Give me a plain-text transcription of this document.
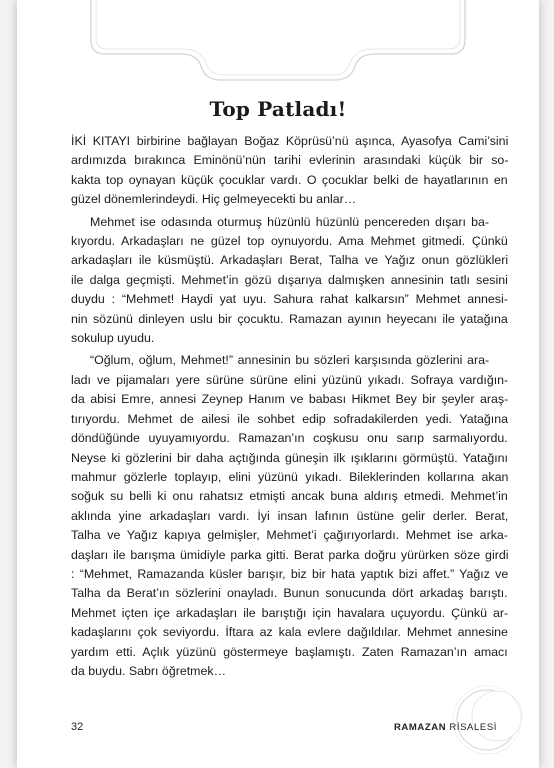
Top Patladı!

İKİ KITAYI birbirine bağlayan Boğaz Köprüsü’nü aşınca, Ayasofya Cami’sini
ardımızda bırakınca Eminönü’nün tarihi evlerinin arasındaki küçük bir so-
kakta top oynayan küçük çocuklar vardı. O çocuklar belki de hayatlarının en
güzel dönemlerindeydi. Hiç gelmeyecekti bu anlar…

Mehmet ise odasında oturmuş hüzünlü hüzünlü pencereden dışarı ba-
kıyordu. Arkadaşları ne güzel top oynuyordu. Ama Mehmet gitmedi. Çünkü
arkadaşları ile küsmüştü. Arkadaşları Berat, Talha ve Yağız onun gözlükleri
ile dalga geçmişti. Mehmet’in gözü dışarıya dalmışken annesinin tatlı sesini
duydu : “Mehmet! Haydi yat uyu. Sahura rahat kalkarsın” Mehmet annesi-
nin sözünü dinleyen uslu bir çocuktu. Ramazan ayının heyecanı ile yatağına
sokulup uyudu.

“Oğlum, oğlum, Mehmet!” annesinin bu sözleri karşısında gözlerini ara-
ladı ve pijamaları yere sürüne sürüne elini yüzünü yıkadı. Sofraya vardığın-
da abisi Emre, annesi Zeynep Hanım ve babası Hikmet Bey bir şeyler araş-
tırıyordu. Mehmet de ailesi ile sohbet edip sofradakilerden yedi. Yatağına
döndüğünde uyuyamıyordu. Ramazan’ın coşkusu onu sarıp sarmalıyordu.
Neyse ki gözlerini bir daha açtığında güneşin ilk ışıklarını görmüştü. Yatağını
mahmur gözlerle toplayıp, elini yüzünü yıkadı. Bileklerinden kollarına akan
soğuk su belli ki onu rahatsız etmişti ancak buna aldırış etmedi. Mehmet’in
aklında yine arkadaşları vardı. İyi insan lafının üstüne gelir derler. Berat,
Talha ve Yağız kapıya gelmişler, Mehmet’i çağırıyorlardı. Mehmet ise arka-
daşları ile barışma ümidiyle parka gitti. Berat parka doğru yürürken söze girdi
: “Mehmet, Ramazanda küsler barışır, biz bir hata yaptık bizi affet.” Yağız ve
Talha da Berat’ın sözlerini onayladı. Bunun sonucunda dört arkadaş barıştı.
Mehmet içten içe arkadaşları ile barıştığı için havalara uçuyordu. Çünkü ar-
kadaşlarını çok seviyordu. İftara az kala evlere dağıldılar. Mehmet annesine
yardım etti. Açlık yüzünü göstermeye başlamıştı. Zaten Ramazan’ın amacı
da buydu. Sabrı öğretmek…

32	RAMAZAN RİSALESİ
